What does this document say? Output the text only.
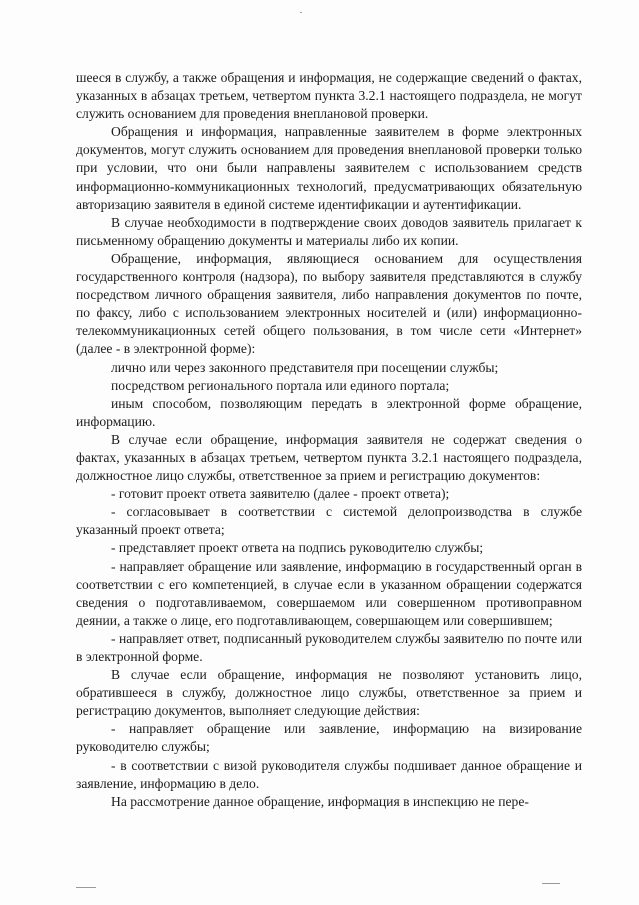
шееся в службу, а также обращения и информация, не содержащие сведений о фактах, указанных в абзацах третьем, четвертом пункта 3.2.1 настоящего подраздела, не могут служить основанием для проведения внеплановой проверки.

Обращения и информация, направленные заявителем в форме электронных документов, могут служить основанием для проведения внеплановой проверки только при условии, что они были направлены заявителем с использованием средств информационно-коммуникационных технологий, предусматривающих обязательную авторизацию заявителя в единой системе идентификации и аутентификации.

В случае необходимости в подтверждение своих доводов заявитель прилагает к письменному обращению документы и материалы либо их копии.

Обращение, информация, являющиеся основанием для осуществления государственного контроля (надзора), по выбору заявителя представляются в службу посредством личного обращения заявителя, либо направления документов по почте, по факсу, либо с использованием электронных носителей и (или) информационно-телекоммуникационных сетей общего пользования, в том числе сети «Интернет» (далее - в электронной форме):

лично или через законного представителя при посещении службы;

посредством регионального портала или единого портала;

иным способом, позволяющим передать в электронной форме обращение, информацию.

В случае если обращение, информация заявителя не содержат сведения о фактах, указанных в абзацах третьем, четвертом пункта 3.2.1 настоящего подраздела, должностное лицо службы, ответственное за прием и регистрацию документов:

- готовит проект ответа заявителю (далее - проект ответа);

- согласовывает в соответствии с системой делопроизводства в службе указанный проект ответа;

- представляет проект ответа на подпись руководителю службы;

- направляет обращение или заявление, информацию в государственный орган в соответствии с его компетенцией, в случае если в указанном обращении содержатся сведения о подготавливаемом, совершаемом или совершенном противоправном деянии, а также о лице, его подготавливающем, совершающем или совершившем;

- направляет ответ, подписанный руководителем службы заявителю по почте или в электронной форме.

В случае если обращение, информация не позволяют установить лицо, обратившееся в службу, должностное лицо службы, ответственное за прием и регистрацию документов, выполняет следующие действия:

- направляет обращение или заявление, информацию на визирование руководителю службы;

- в соответствии с визой руководителя службы подшивает данное обращение и заявление, информацию в дело.

На рассмотрение данное обращение, информация в инспекцию не пере-
